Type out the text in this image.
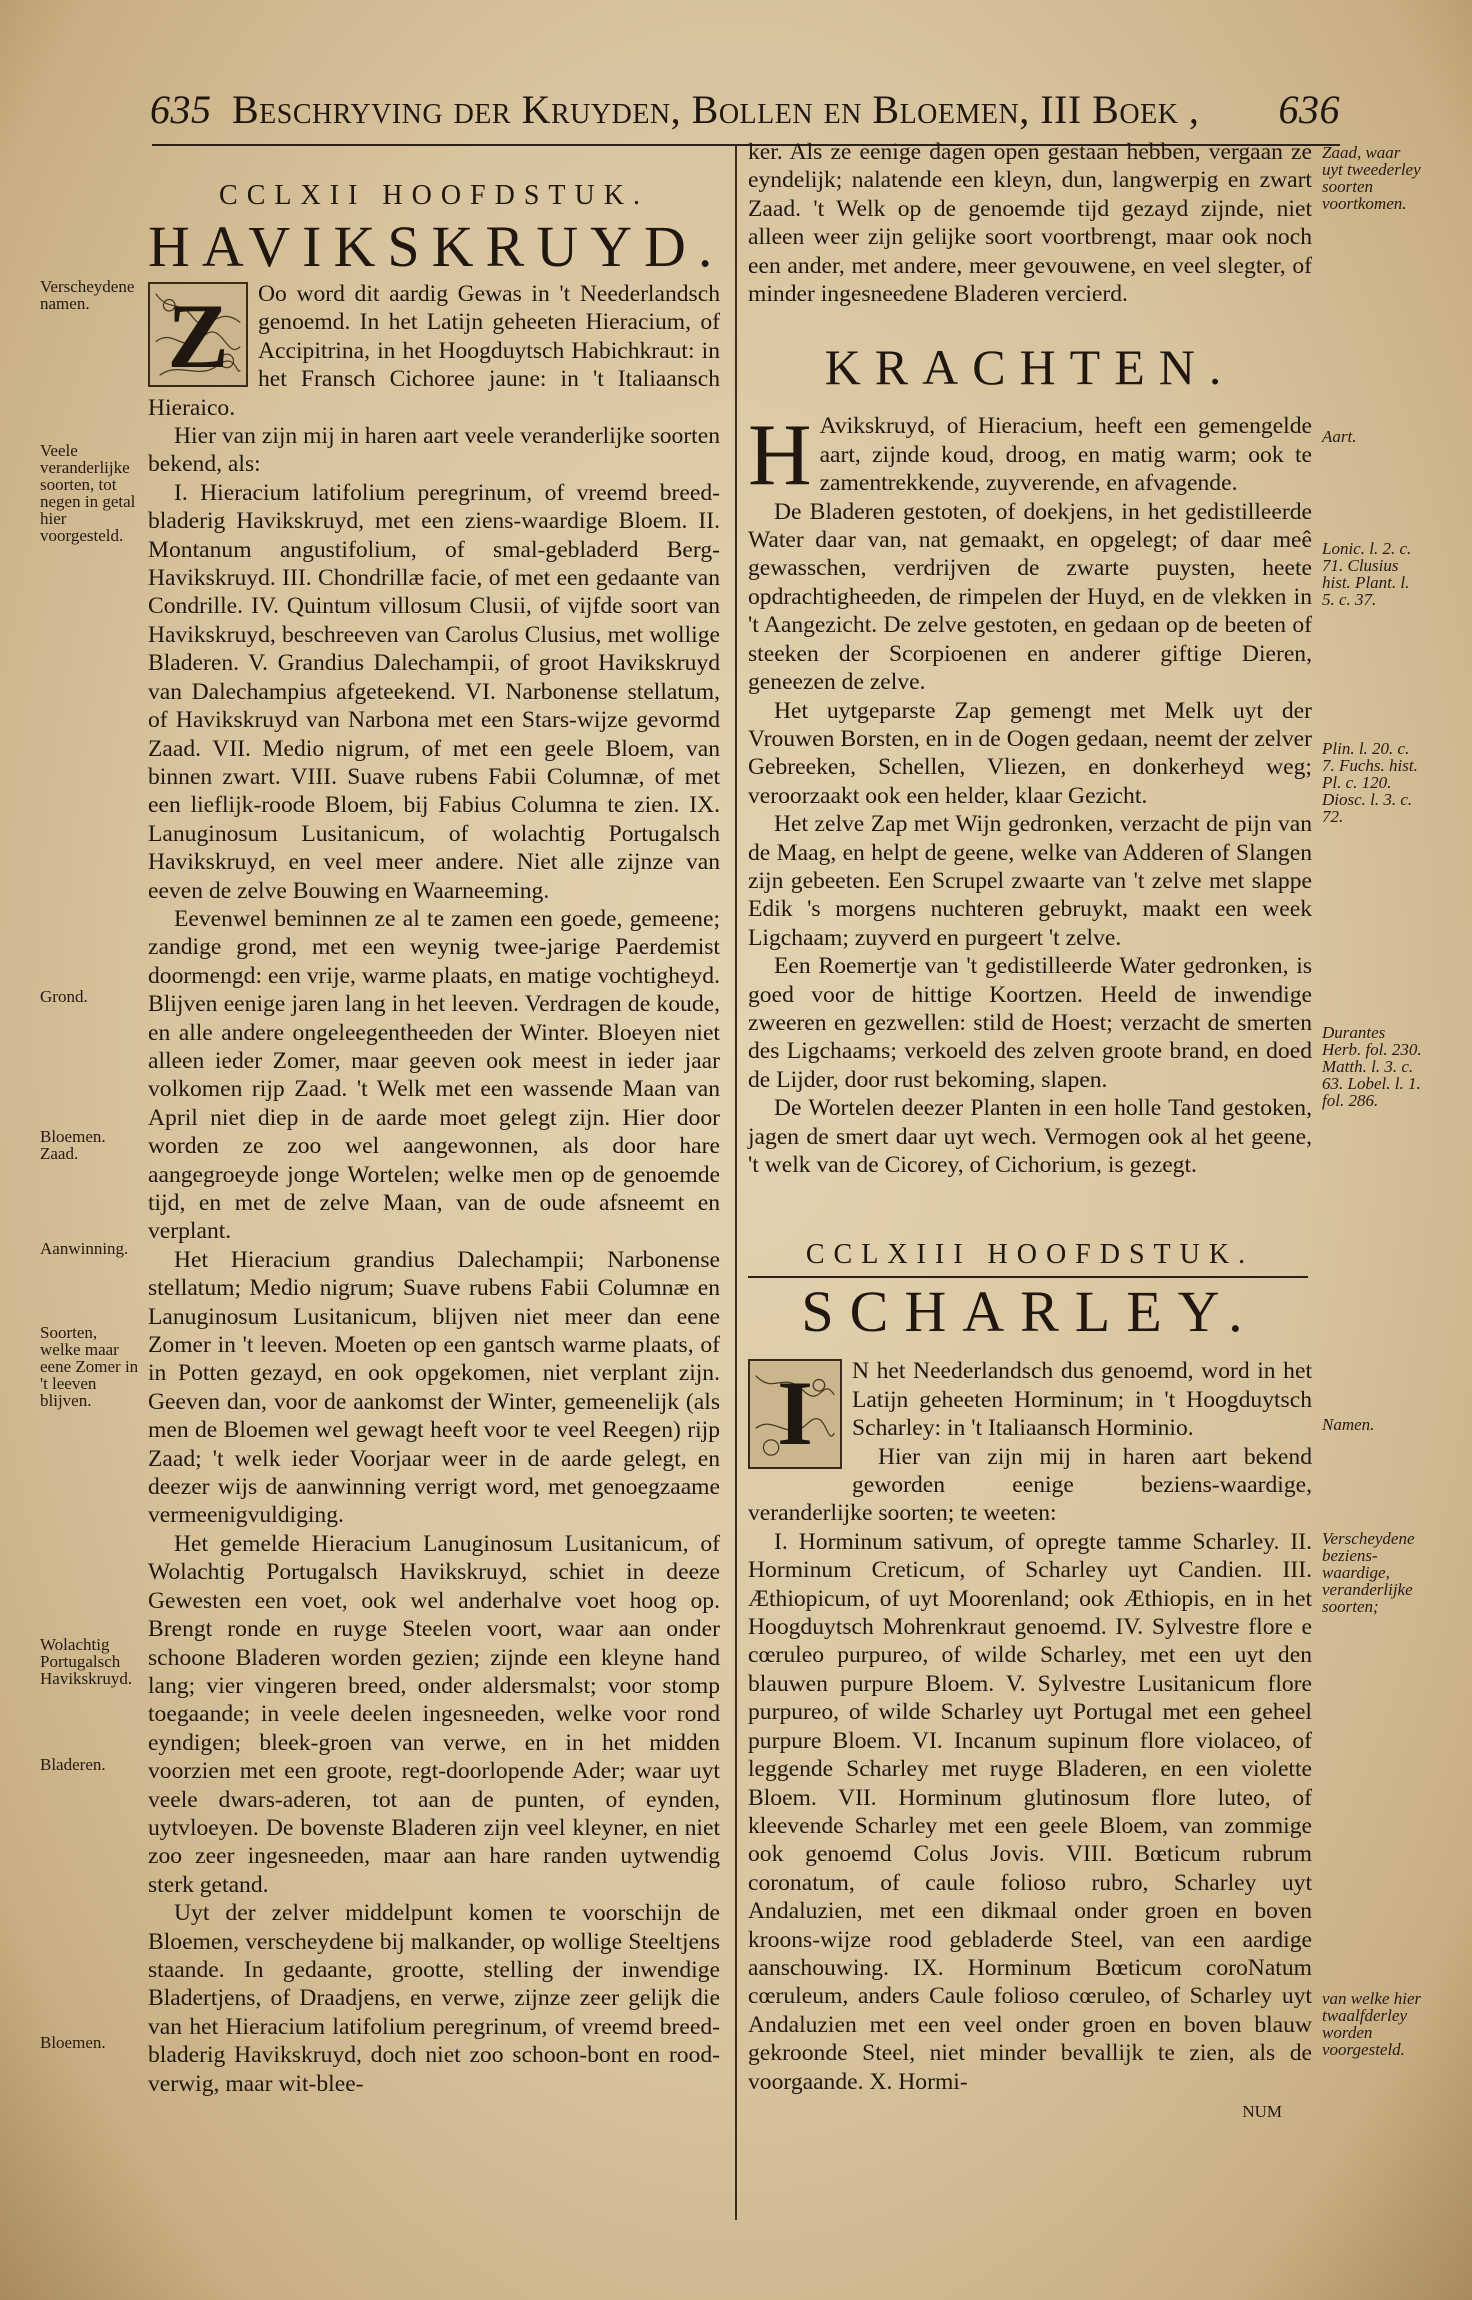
635 Beschryving der Kruyden, Bollen en Bloemen, III Boek , 636
CCLXII HOOFDSTUK.
HAVIKSKRUYD.

Z	Oo word dit aardig Gewas in 't Neederlandsch genoemd. In het Latijn geheeten Hieracium, of Accipitrina, in het Hoogduytsch Habichkraut: in het Fransch Cichoree jaune: in 't Italiaansch Hieraico.

Hier van zijn mij in haren aart veele veranderlijke soorten bekend, als:

I. Hieracium latifolium peregrinum, of vreemd breed-bladerig Havikskruyd, met een ziens-waardige Bloem. II. Montanum angustifolium, of smal-gebladerd Berg-Havikskruyd. III. Chondrillæ facie, of met een gedaante van Condrille. IV. Quintum villosum Clusii, of vijfde soort van Havikskruyd, beschreeven van Carolus Clusius, met wollige Bladeren. V. Grandius Dalechampii, of groot Havikskruyd van Dalechampius afgeteekend. VI. Narbonense stellatum, of Havikskruyd van Narbona met een Stars-wijze gevormd Zaad. VII. Medio nigrum, of met een geele Bloem, van binnen zwart. VIII. Suave rubens Fabii Columnæ, of met een lieflijk-roode Bloem, bij Fabius Columna te zien. IX. Lanuginosum Lusitanicum, of wolachtig Portugalsch Havikskruyd, en veel meer andere. Niet alle zijnze van eeven de zelve Bouwing en Waarneeming.

Eevenwel beminnen ze al te zamen een goede, gemeene; zandige grond, met een weynig twee-jarige Paerdemist doormengd: een vrije, warme plaats, en matige vochtigheyd. Blijven eenige jaren lang in het leeven. Verdragen de koude, en alle andere ongeleegentheeden der Winter. Bloeyen niet alleen ieder Zomer, maar geeven ook meest in ieder jaar volkomen rijp Zaad. 't Welk met een wassende Maan van April niet diep in de aarde moet gelegt zijn. Hier door worden ze zoo wel aangewonnen, als door hare aangegroeyde jonge Wortelen; welke men op de genoemde tijd, en met de zelve Maan, van de oude afsneemt en verplant.

Het Hieracium grandius Dalechampii; Narbonense stellatum; Medio nigrum; Suave rubens Fabii Columnæ en Lanuginosum Lusitanicum, blijven niet meer dan eene Zomer in 't leeven. Moeten op een gantsch warme plaats, of in Potten gezayd, en ook opgekomen, niet verplant zijn. Geeven dan, voor de aankomst der Winter, gemeenelijk (als men de Bloemen wel gewagt heeft voor te veel Reegen) rijp Zaad; 't welk ieder Voorjaar weer in de aarde gelegt, en deezer wijs de aanwinning verrigt word, met genoegzaame vermeenigvuldiging.

Het gemelde Hieracium Lanuginosum Lusitanicum, of Wolachtig Portugalsch Havikskruyd, schiet in deeze Gewesten een voet, ook wel anderhalve voet hoog op. Brengt ronde en ruyge Steelen voort, waar aan onder schoone Bladeren worden gezien; zijnde een kleyne hand lang; vier vingeren breed, onder aldersmalst; voor stomp toegaande; in veele deelen ingesneeden, welke voor rond eyndigen; bleek-groen van verwe, en in het midden voorzien met een groote, regt-doorlopende Ader; waar uyt veele dwars-aderen, tot aan de punten, of eynden, uytvloeyen. De bovenste Bladeren zijn veel kleyner, en niet zoo zeer ingesneeden, maar aan hare randen uytwendig sterk getand.

Uyt der zelver middelpunt komen te voorschijn de Bloemen, verscheydene bij malkander, op wollige Steeltjens staande. In gedaante, grootte, stelling der inwendige Bladertjens, of Draadjens, en verwe, zijnze zeer gelijk die van het Hieracium latifolium peregrinum, of vreemd breed-bladerig Havikskruyd, doch niet zoo schoon-bont en rood-verwig, maar wit-blee-

ker. Als ze eenige dagen open gestaan hebben, vergaan ze eyndelijk; nalatende een kleyn, dun, langwerpig en zwart Zaad. 't Welk op de genoemde tijd gezayd zijnde, niet alleen weer zijn gelijke soort voortbrengt, maar ook noch een ander, met andere, meer gevouwene, en veel slegter, of minder ingesneedene Bladeren vercierd.

KRACHTEN.

H Avikskruyd, of Hieracium, heeft een gemengelde aart, zijnde koud, droog, en matig warm; ook te zamentrekkende, zuyverende, en afvagende.

De Bladeren gestoten, of doekjens, in het gedistilleerde Water daar van, nat gemaakt, en opgelegt; of daar meê gewasschen, verdrijven de zwarte puysten, heete opdrachtigheeden, de rimpelen der Huyd, en de vlekken in 't Aangezicht. De zelve gestoten, en gedaan op de beeten of steeken der Scorpioenen en anderer giftige Dieren, geneezen de zelve.

Het uytgeparste Zap gemengt met Melk uyt der Vrouwen Borsten, en in de Oogen gedaan, neemt der zelver Gebreeken, Schellen, Vliezen, en donkerheyd weg; veroorzaakt ook een helder, klaar Gezicht.

Het zelve Zap met Wijn gedronken, verzacht de pijn van de Maag, en helpt de geene, welke van Adderen of Slangen zijn gebeeten. Een Scrupel zwaarte van 't zelve met slappe Edik 's morgens nuchteren gebruykt, maakt een week Ligchaam; zuyverd en purgeert 't zelve.

Een Roemertje van 't gedistilleerde Water gedronken, is goed voor de hittige Koortzen. Heeld de inwendige zweeren en gezwellen: stild de Hoest; verzacht de smerten des Ligchaams; verkoeld des zelven groote brand, en doed de Lijder, door rust bekoming, slapen.

De Wortelen deezer Planten in een holle Tand gestoken, jagen de smert daar uyt wech. Vermogen ook al het geene, 't welk van de Cicorey, of Cichorium, is gezegt.

CCLXIII HOOFDSTUK.
SCHARLEY.

I	N het Neederlandsch dus genoemd, word in het Latijn geheeten Horminum; in 't Hoogduytsch Scharley: in 't Italiaansch Horminio.

Hier van zijn mij in haren aart bekend geworden eenige beziens-waardige, veranderlijke soorten; te weeten:

I. Horminum sativum, of opregte tamme Scharley. II. Horminum Creticum, of Scharley uyt Candien. III. Æthiopicum, of uyt Moorenland; ook Æthiopis, en in het Hoogduytsch Mohrenkraut genoemd. IV. Sylvestre flore e cœruleo purpureo, of wilde Scharley, met een uyt den blauwen purpure Bloem. V. Sylvestre Lusitanicum flore purpureo, of wilde Scharley uyt Portugal met een geheel purpure Bloem. VI. Incanum supinum flore violaceo, of leggende Scharley met ruyge Bladeren, en een violette Bloem. VII. Horminum glutinosum flore luteo, of kleevende Scharley met een geele Bloem, van zommige ook genoemd Colus Jovis. VIII. Bœticum rubrum coronatum, of caule folioso rubro, Scharley uyt Andaluzien, met een dikmaal onder groen en boven kroons-wijze rood gebladerde Steel, van een aardige aanschouwing. IX. Horminum Bœticum coroNatum cœruleum, anders Caule folioso cœruleo, of Scharley uyt Andaluzien met een veel onder groen en boven blauw gekroonde Steel, niet minder bevallijk te zien, als de voorgaande. X. Hormi-

num
Verscheydene namen.
Veele veranderlijke soorten, tot negen in getal hier voorgesteld.
Grond.
Bloemen. Zaad.
Aanwinning.
Soorten, welke maar eene Zomer in 't leeven blijven.
Wolachtig Portugalsch Havikskruyd.
Bladeren.
Bloemen.
Zaad, waar uyt tweederley soorten voortkomen.
Aart.
Lonic. l. 2. c. 71. Clusius hist. Plant. l. 5. c. 37.
Plin. l. 20. c. 7. Fuchs. hist. Pl. c. 120. Diosc. l. 3. c. 72.
Durantes Herb. fol. 230. Matth. l. 3. c. 63. Lobel. l. 1. fol. 286.
Namen.
Verscheydene beziens-waardige, veranderlijke soorten;
van welke hier twaalfderley worden voorgesteld.
